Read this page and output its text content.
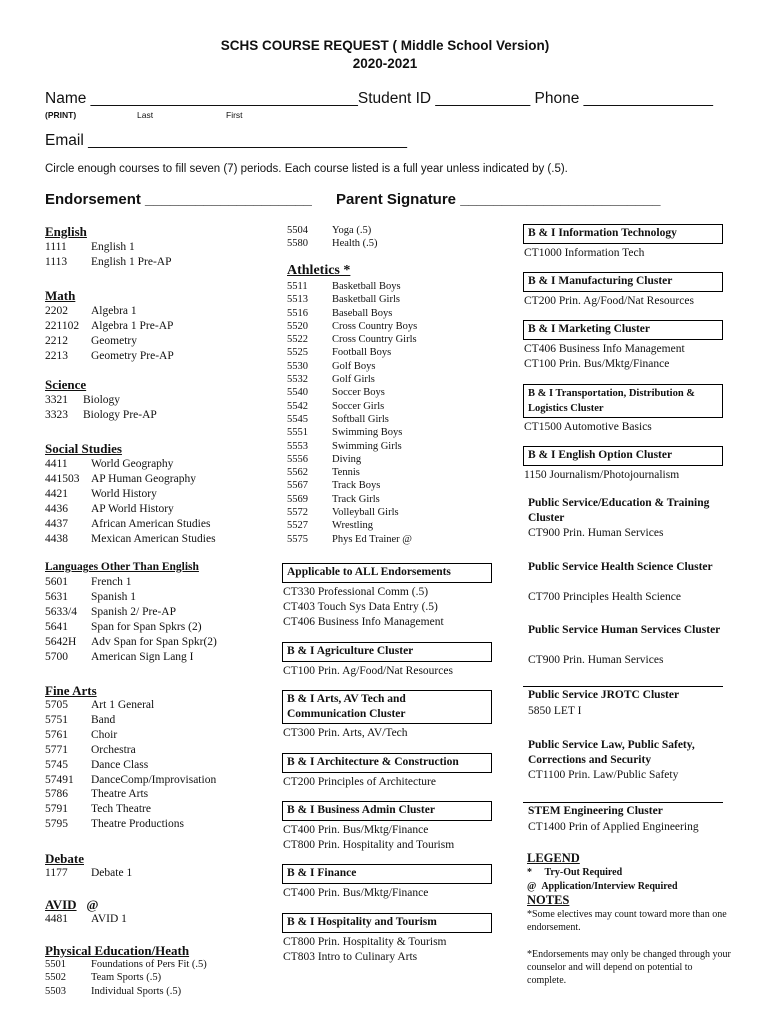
SCHS COURSE REQUEST ( Middle School Version)
2020-2021
Name _______________________________Student ID ___________ Phone _______________
(PRINT)	Last	First
Email _____________________________________
Circle enough courses to fill seven (7) periods. Each course listed is a full year unless indicated by (.5).
Endorsement ____________________ Parent Signature ________________________
English
1111	English 1
1113	English 1 Pre-AP
Math
2202	Algebra 1
221102	Algebra 1 Pre-AP
2212	Geometry
2213	Geometry Pre-AP
Science
3321	Biology
3323	Biology Pre-AP
Social Studies
4411	World Geography
441503	AP Human Geography
4421	World History
4436	AP World History
4437	African American Studies
4438	Mexican American Studies
Languages Other Than English
5601	French 1
5631	Spanish 1
5633/4	Spanish 2/ Pre-AP
5641	Span for Span Spkrs (2)
5642H	Adv Span for Span Spkr(2)
5700	American Sign Lang I
Fine Arts
5705	Art 1 General
5751	Band
5761	Choir
5771	Orchestra
5745	Dance Class
57491	DanceComp/Improvisation
5786	Theatre Arts
5791	Tech Theatre
5795	Theatre Productions
Debate
1177	Debate 1
AVID @
4481	AVID 1
Physical Education/Heath
5501	Foundations of Pers Fit (.5)
5502	Team Sports (.5)
5503	Individual Sports (.5)
5504	Yoga (.5)
5580	Health (.5)
Athletics *
5511	Basketball Boys
5513	Basketball Girls
5516	Baseball Boys
5520	Cross Country Boys
5522	Cross Country Girls
5525	Football Boys
5530	Golf Boys
5532	Golf Girls
5540	Soccer Boys
5542	Soccer Girls
5545	Softball Girls
5551	Swimming Boys
5553	Swimming Girls
5556	Diving
5562	Tennis
5567	Track Boys
5569	Track Girls
5572	Volleyball Girls
5527	Wrestling
5575	Phys Ed Trainer @
Applicable to ALL Endorsements
CT330 Professional Comm (.5)
CT403 Touch Sys Data Entry (.5)
CT406 Business Info Management
B & I Agriculture Cluster
CT100 Prin. Ag/Food/Nat Resources
B & I Arts, AV Tech and Communication Cluster
CT300 Prin. Arts, AV/Tech
B & I Architecture & Construction
CT200 Principles of Architecture
B & I Business Admin Cluster
CT400 Prin. Bus/Mktg/Finance
CT800 Prin. Hospitality and Tourism
B & I Finance
CT400 Prin. Bus/Mktg/Finance
B & I Hospitality and Tourism
CT800 Prin. Hospitality & Tourism
CT803 Intro to Culinary Arts
B & I Information Technology
CT1000 Information Tech
B & I Manufacturing Cluster
CT200 Prin. Ag/Food/Nat Resources
B & I Marketing Cluster
CT406 Business Info Management
CT100 Prin. Bus/Mktg/Finance
B & I Transportation, Distribution & Logistics Cluster
CT1500 Automotive Basics
B & I English Option Cluster
1150 Journalism/Photojournalism
Public Service/Education & Training Cluster
CT900 Prin. Human Services
Public Service Health Science Cluster
CT700 Principles Health Science
Public Service Human Services Cluster
CT900 Prin. Human Services
Public Service JROTC Cluster
5850 LET I
Public Service Law, Public Safety, Corrections and Security
CT1100 Prin. Law/Public Safety
STEM Engineering Cluster
CT1400 Prin of Applied Engineering
LEGEND
* Try-Out Required
@ Application/Interview Required
NOTES
*Some electives may count toward more than one endorsement.
*Endorsements may only be changed through your counselor and will depend on potential to complete.
